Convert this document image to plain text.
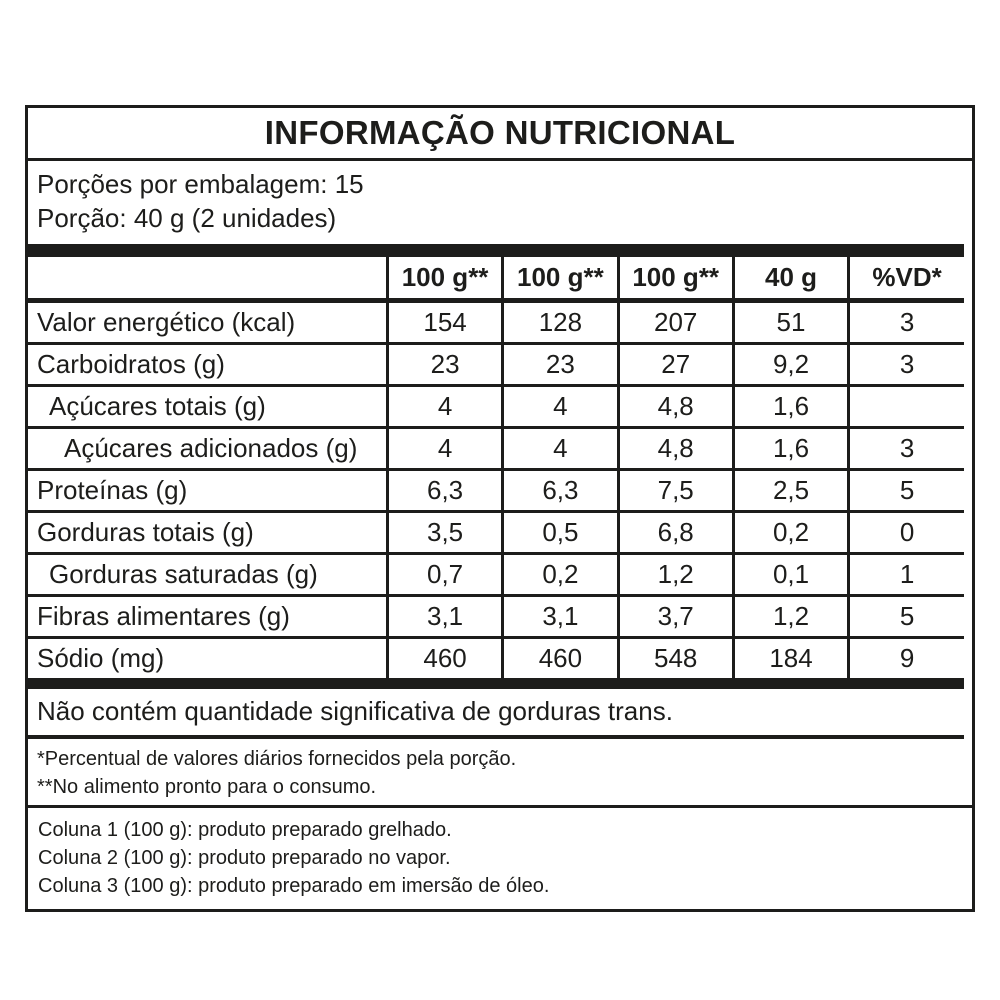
INFORMAÇÃO NUTRICIONAL
Porções por embalagem: 15
Porção: 40 g (2 unidades)
	100 g**	100 g**	100 g**	40 g	%VD*
Valor energético (kcal)	154	128	207	51	3
Carboidratos (g)	23	23	27	9,2	3
Açúcares totais (g)	4	4	4,8	1,6	
Açúcares adicionados (g)	4	4	4,8	1,6	3
Proteínas (g)	6,3	6,3	7,5	2,5	5
Gorduras totais (g)	3,5	0,5	6,8	0,2	0
Gorduras saturadas (g)	0,7	0,2	1,2	0,1	1
Fibras alimentares (g)	3,1	3,1	3,7	1,2	5
Sódio (mg)	460	460	548	184	9
Não contém quantidade significativa de gorduras trans.
*Percentual de valores diários fornecidos pela porção.
**No alimento pronto para o consumo.
Coluna 1 (100 g): produto preparado grelhado.
Coluna 2 (100 g): produto preparado no vapor.
Coluna 3 (100 g): produto preparado em imersão de óleo.
